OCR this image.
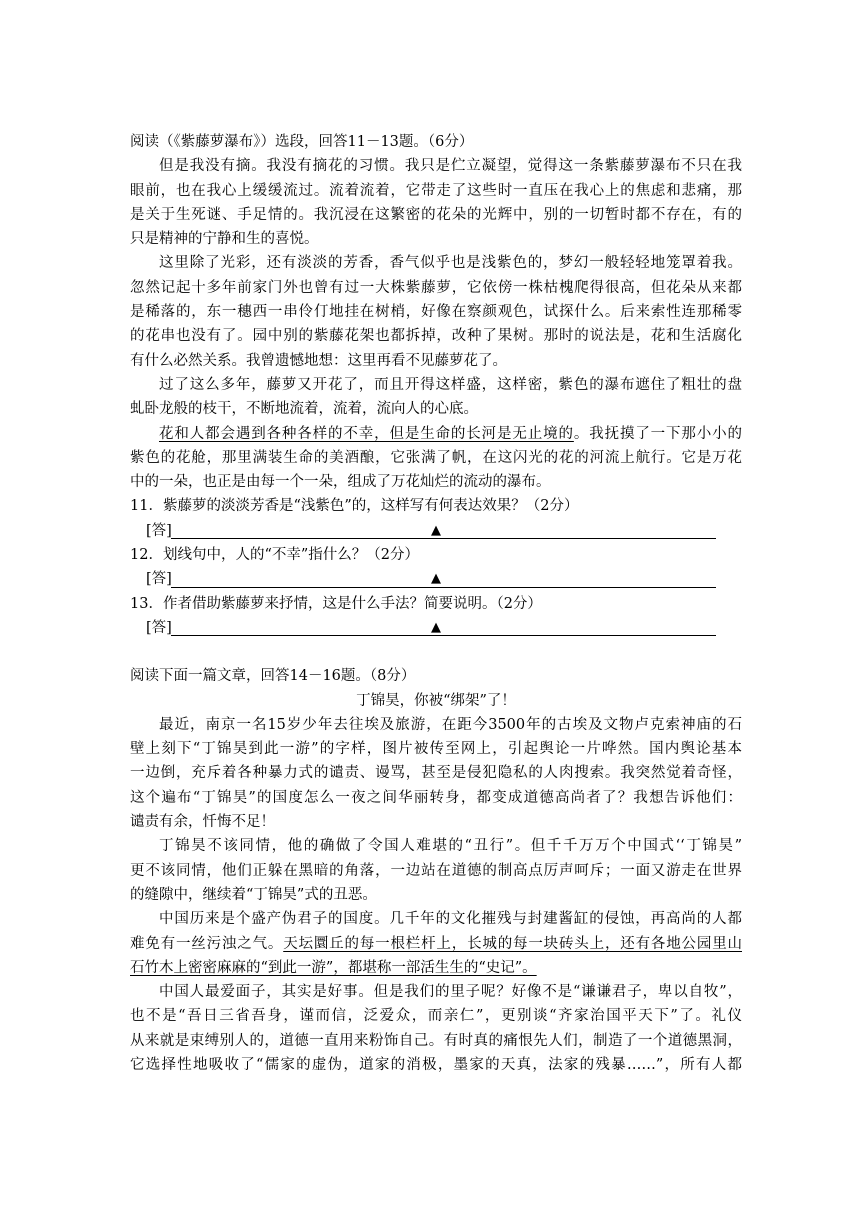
阅读（《紫藤萝瀑布》）选段，回答11－13题。（6分）
但是我没有摘。我没有摘花的习惯。我只是伫立凝望，觉得这一条紫藤萝瀑布不只在我
眼前，也在我心上缓缓流过。流着流着，它带走了这些时一直压在我心上的焦虑和悲痛，那
是关于生死谜、手足情的。我沉浸在这繁密的花朵的光辉中，别的一切暂时都不存在，有的
只是精神的宁静和生的喜悦。
这里除了光彩，还有淡淡的芳香，香气似乎也是浅紫色的，梦幻一般轻轻地笼罩着我。
忽然记起十多年前家门外也曾有过一大株紫藤萝，它依傍一株枯槐爬得很高，但花朵从来都
是稀落的，东一穗西一串伶仃地挂在树梢，好像在察颜观色，试探什么。后来索性连那稀零
的花串也没有了。园中别的紫藤花架也都拆掉，改种了果树。那时的说法是，花和生活腐化
有什么必然关系。我曾遗憾地想：这里再看不见藤萝花了。
过了这么多年，藤萝又开花了，而且开得这样盛，这样密，紫色的瀑布遮住了粗壮的盘
虬卧龙般的枝干，不断地流着，流着，流向人的心底。
花和人都会遇到各种各样的不幸，但是生命的长河是无止境的。我抚摸了一下那小小的
紫色的花舱，那里满装生命的美酒酿，它张满了帆，在这闪光的花的河流上航行。它是万花
中的一朵，也正是由每一个一朵，组成了万花灿烂的流动的瀑布。
11．紫藤萝的淡淡芳香是“浅紫色”的，这样写有何表达效果？（2分）
[答]	▲
12．划线句中，人的“不幸”指什么？（2分）
[答]	▲
13．作者借助紫藤萝来抒情，这是什么手法？简要说明。（2分）
[答]	▲
阅读下面一篇文章，回答14－16题。（8分）
丁锦昊，你被“绑架”了！
最近，南京一名15岁少年去往埃及旅游，在距今3500年的古埃及文物卢克索神庙的石
壁上刻下“丁锦昊到此一游”的字样，图片被传至网上，引起舆论一片哗然。国内舆论基本
一边倒，充斥着各种暴力式的谴责、谩骂，甚至是侵犯隐私的人肉搜索。我突然觉着奇怪，
这个遍布“丁锦昊”的国度怎么一夜之间华丽转身，都变成道德高尚者了？我想告诉他们：
谴责有余，忏悔不足！
丁锦昊不该同情，他的确做了令国人难堪的“丑行”。但千千万万个中国式‘‘丁锦昊”
更不该同情，他们正躲在黑暗的角落，一边站在道德的制高点厉声呵斥；一面又游走在世界
的缝隙中，继续着“丁锦昊”式的丑恶。
中国历来是个盛产伪君子的国度。几千年的文化摧残与封建酱缸的侵蚀，再高尚的人都
难免有一丝污浊之气。天坛圜丘的每一根栏杆上，长城的每一块砖头上，还有各地公园里山
石竹木上密密麻麻的“到此一游”，都堪称一部活生生的“史记”。
中国人最爱面子，其实是好事。但是我们的里子呢？好像不是“谦谦君子，卑以自牧”，
也不是“吾日三省吾身，谨而信，泛爱众，而亲仁”，更别谈“齐家治国平天下”了。礼仪
从来就是束缚别人的，道德一直用来粉饰自己。有时真的痛恨先人们，制造了一个道德黑洞，
它选择性地吸收了“儒家的虚伪，道家的消极，墨家的天真，法家的残暴……”，所有人都
